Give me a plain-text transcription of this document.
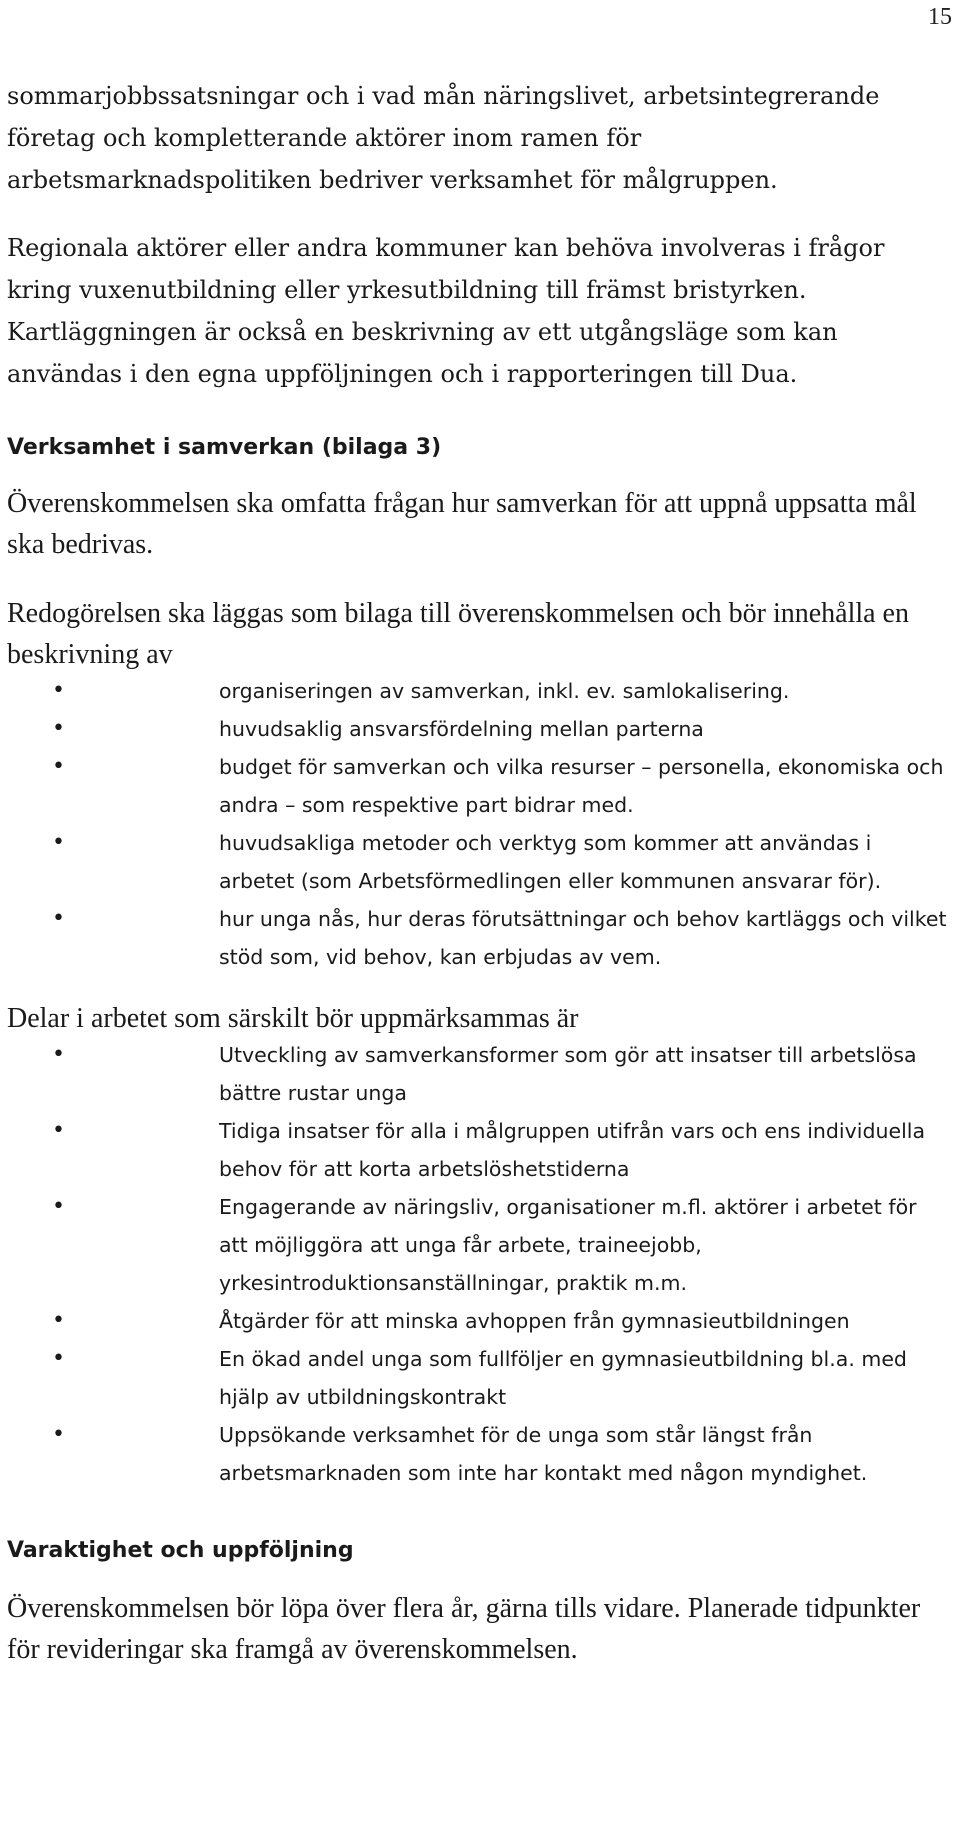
15

sommarjobbssatsningar och i vad mån näringslivet, arbetsintegrerande företag och kompletterande aktörer inom ramen för arbetsmarknadspolitiken bedriver verksamhet för målgruppen.

Regionala aktörer eller andra kommuner kan behöva involveras i frågor kring vuxenutbildning eller yrkesutbildning till främst bristyrken. Kartläggningen är också en beskrivning av ett utgångsläge som kan användas i den egna uppföljningen och i rapporteringen till Dua.

Verksamhet i samverkan (bilaga 3)

Överenskommelsen ska omfatta frågan hur samverkan för att uppnå uppsatta mål ska bedrivas.

Redogörelsen ska läggas som bilaga till överenskommelsen och bör innehålla en beskrivning av

• organiseringen av samverkan, inkl. ev. samlokalisering.
• huvudsaklig ansvarsfördelning mellan parterna
• budget för samverkan och vilka resurser – personella, ekonomiska och andra – som respektive part bidrar med.
• huvudsakliga metoder och verktyg som kommer att användas i arbetet (som Arbetsförmedlingen eller kommunen ansvarar för).
• hur unga nås, hur deras förutsättningar och behov kartläggs och vilket stöd som, vid behov, kan erbjudas av vem.

Delar i arbetet som särskilt bör uppmärksammas är

• Utveckling av samverkansformer som gör att insatser till arbetslösa bättre rustar unga
• Tidiga insatser för alla i målgruppen utifrån vars och ens individuella behov för att korta arbetslöshetstiderna
• Engagerande av näringsliv, organisationer m.fl. aktörer i arbetet för att möjliggöra att unga får arbete, traineejobb, yrkesintroduktionsanställningar, praktik m.m.
• Åtgärder för att minska avhoppen från gymnasieutbildningen
• En ökad andel unga som fullföljer en gymnasieutbildning bl.a. med hjälp av utbildningskontrakt
• Uppsökande verksamhet för de unga som står längst från arbetsmarknaden som inte har kontakt med någon myndighet.
Varaktighet och uppföljning

Överenskommelsen bör löpa över flera år, gärna tills vidare. Planerade tidpunkter för revideringar ska framgå av överenskommelsen.
